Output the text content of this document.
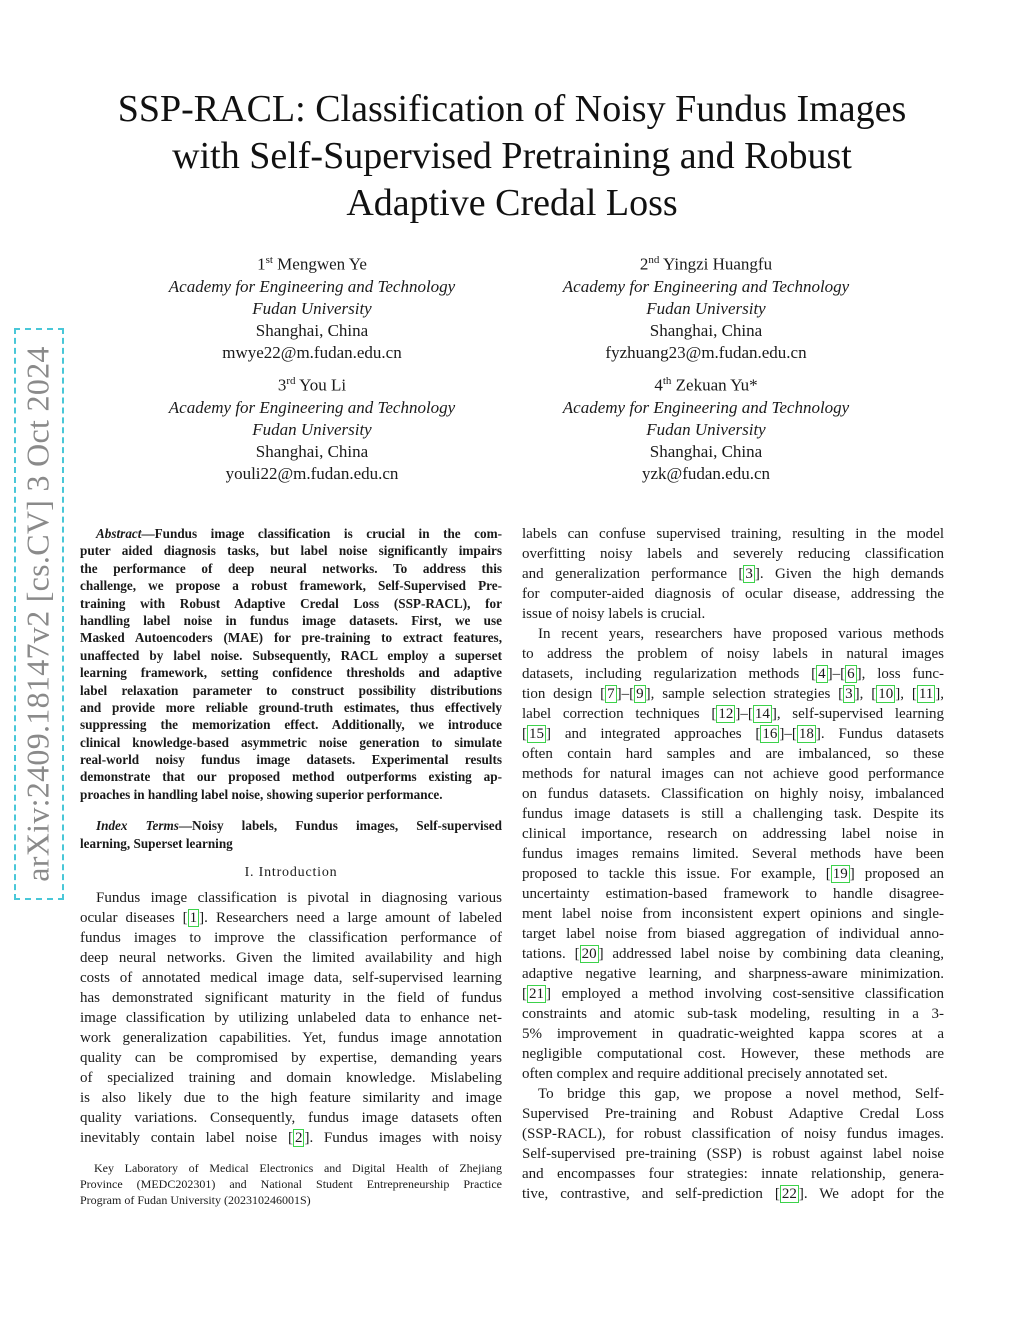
arXiv:2409.18147v2 [cs.CV] 3 Oct 2024
SSP-RACL: Classification of Noisy Fundus Images
with Self-Supervised Pretraining and Robust
Adaptive Credal Loss
1st Mengwen Ye
Academy for Engineering and Technology
Fudan University
Shanghai, China
mwye22@m.fudan.edu.cn
2nd Yingzi Huangfu
Academy for Engineering and Technology
Fudan University
Shanghai, China
fyzhuang23@m.fudan.edu.cn
3rd You Li
Academy for Engineering and Technology
Fudan University
Shanghai, China
youli22@m.fudan.edu.cn
4th Zekuan Yu*
Academy for Engineering and Technology
Fudan University
Shanghai, China
yzk@fudan.edu.cn
Abstract—Fundus image classification is crucial in the com-
puter aided diagnosis tasks, but label noise significantly impairs
the performance of deep neural networks. To address this
challenge, we propose a robust framework, Self-Supervised Pre-
training with Robust Adaptive Credal Loss (SSP-RACL), for
handling label noise in fundus image datasets. First, we use
Masked Autoencoders (MAE) for pre-training to extract features,
unaffected by label noise. Subsequently, RACL employ a superset
learning framework, setting confidence thresholds and adaptive
label relaxation parameter to construct possibility distributions
and provide more reliable ground-truth estimates, thus effectively
suppressing the memorization effect. Additionally, we introduce
clinical knowledge-based asymmetric noise generation to simulate
real-world noisy fundus image datasets. Experimental results
demonstrate that our proposed method outperforms existing ap-
proaches in handling label noise, showing superior performance.
Index Terms—Noisy labels, Fundus images, Self-supervised
learning, Superset learning
I. Introduction
Fundus image classification is pivotal in diagnosing various
ocular diseases [ 1 ]. Researchers need a large amount of labeled
fundus images to improve the classification performance of
deep neural networks. Given the limited availability and high
costs of annotated medical image data, self-supervised learning
has demonstrated significant maturity in the field of fundus
image classification by utilizing unlabeled data to enhance net-
work generalization capabilities. Yet, fundus image annotation
quality can be compromised by expertise, demanding years
of specialized training and domain knowledge. Mislabeling
is also likely due to the high feature similarity and image
quality variations. Consequently, fundus image datasets often
inevitably contain label noise [ 2 ]. Fundus images with noisy
Key Laboratory of Medical Electronics and Digital Health of Zhejiang
Province (MEDC202301) and National Student Entrepreneurship Practice
Program of Fudan University (202310246001S)
labels can confuse supervised training, resulting in the model
overfitting noisy labels and severely reducing classification
and generalization performance [ 3 ]. Given the high demands
for computer-aided diagnosis of ocular disease, addressing the
issue of noisy labels is crucial.
In recent years, researchers have proposed various methods
to address the problem of noisy labels in natural images
datasets, including regularization methods [ 4 ]–[ 6 ], loss func-
tion design [ 7 ]–[ 9 ], sample selection strategies [ 3 ], [ 10 ], [ 11 ],
label correction techniques [ 12 ]–[ 14 ], self-supervised learning
[ 15 ] and integrated approaches [ 16 ]–[ 18 ]. Fundus datasets
often contain hard samples and are imbalanced, so these
methods for natural images can not achieve good performance
on fundus datasets. Classification on highly noisy, imbalanced
fundus image datasets is still a challenging task. Despite its
clinical importance, research on addressing label noise in
fundus images remains limited. Several methods have been
proposed to tackle this issue. For example, [ 19 ] proposed an
uncertainty estimation-based framework to handle disagree-
ment label noise from inconsistent expert opinions and single-
target label noise from biased aggregation of individual anno-
tations. [ 20 ] addressed label noise by combining data cleaning,
adaptive negative learning, and sharpness-aware minimization.
[ 21 ] employed a method involving cost-sensitive classification
constraints and atomic sub-task modeling, resulting in a 3-
5% improvement in quadratic-weighted kappa scores at a
negligible computational cost. However, these methods are
often complex and require additional precisely annotated set.
To bridge this gap, we propose a novel method, Self-
Supervised Pre-training and Robust Adaptive Credal Loss
(SSP-RACL), for robust classification of noisy fundus images.
Self-supervised pre-training (SSP) is robust against label noise
and encompasses four strategies: innate relationship, genera-
tive, contrastive, and self-prediction [ 22 ]. We adopt for the
